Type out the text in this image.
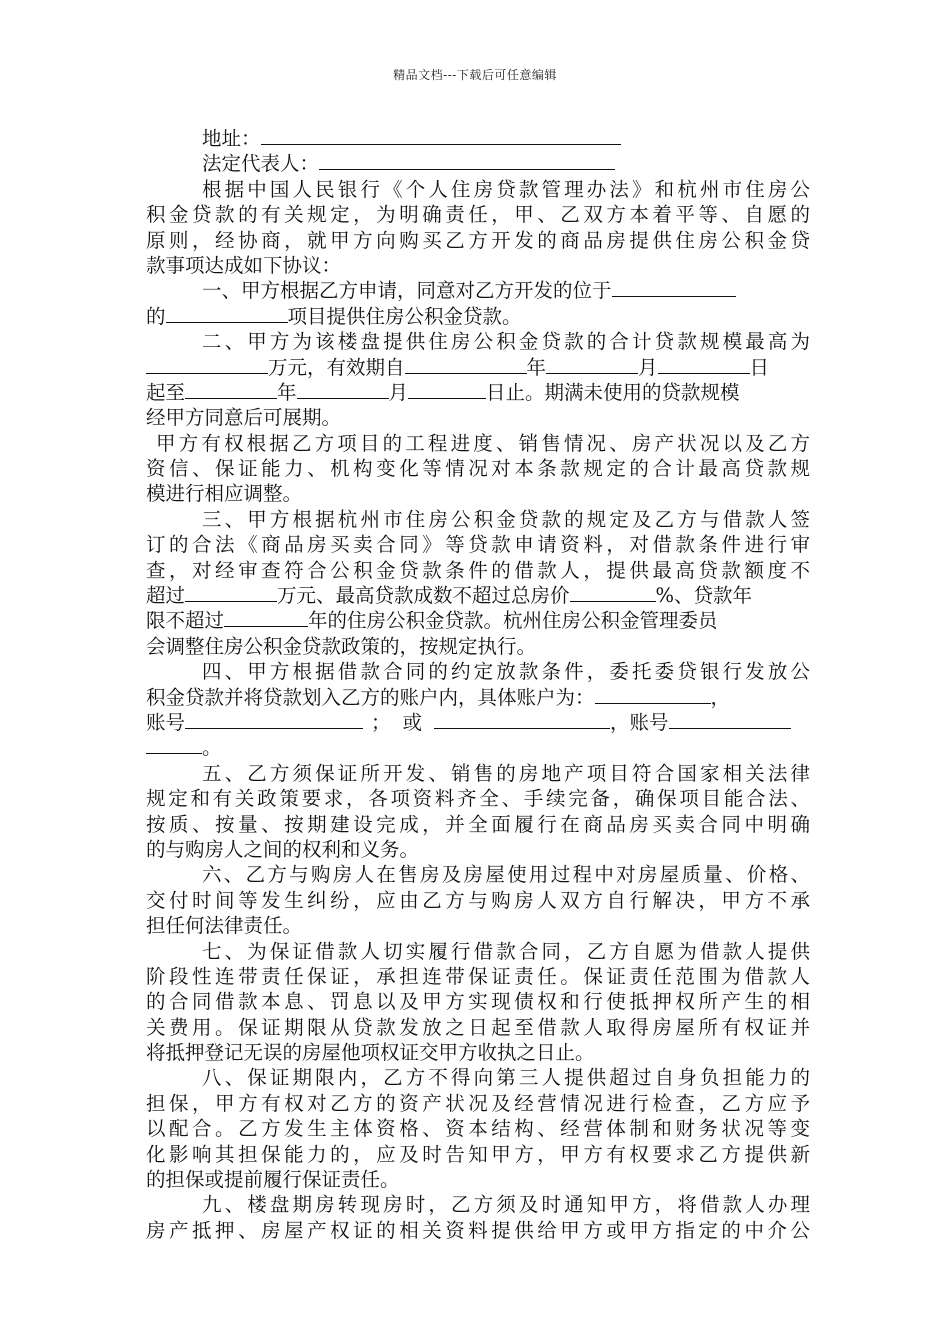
精品文档---下载后可任意编辑
地址：
法定代表人：
根据中国人民银行《个人住房贷款管理办法》和杭州市住房公
积金贷款的有关规定，为明确责任，甲、乙双方本着平等、自愿的
原则，经协商，就甲方向购买乙方开发的商品房提供住房公积金贷
款事项达成如下协议：
一、甲方根据乙方申请，同意对乙方开发的位于
的	项目提供住房公积金贷款。
二、甲方为该楼盘提供住房公积金贷款的合计贷款规模最高为
万元，有效期自	年	月	日
起至	年	月	日止。期满未使用的贷款规模
经甲方同意后可展期。
甲方有权根据乙方项目的工程进度、销售情况、房产状况以及乙方
资信、保证能力、机构变化等情况对本条款规定的合计最高贷款规
模进行相应调整。
三、甲方根据杭州市住房公积金贷款的规定及乙方与借款人签
订的合法《商品房买卖合同》等贷款申请资料，对借款条件进行审
查，对经审查符合公积金贷款条件的借款人，提供最高贷款额度不
超过	万元、最高贷款成数不超过总房价	%、贷款年
限不超过	年的住房公积金贷款。杭州住房公积金管理委员
会调整住房公积金贷款政策的，按规定执行。
四、甲方根据借款合同的约定放款条件，委托委贷银行发放公
积金贷款并将贷款划入乙方的账户内，具体账户为：	，
账号	；或	，账号
。
五、乙方须保证所开发、销售的房地产项目符合国家相关法律
规定和有关政策要求，各项资料齐全、手续完备，确保项目能合法、
按质、按量、按期建设完成，并全面履行在商品房买卖合同中明确
的与购房人之间的权利和义务。
六、乙方与购房人在售房及房屋使用过程中对房屋质量、价格、
交付时间等发生纠纷，应由乙方与购房人双方自行解决，甲方不承
担任何法律责任。
七、为保证借款人切实履行借款合同，乙方自愿为借款人提供
阶段性连带责任保证，承担连带保证责任。保证责任范围为借款人
的合同借款本息、罚息以及甲方实现债权和行使抵押权所产生的相
关费用。保证期限从贷款发放之日起至借款人取得房屋所有权证并
将抵押登记无误的房屋他项权证交甲方收执之日止。
八、保证期限内，乙方不得向第三人提供超过自身负担能力的
担保，甲方有权对乙方的资产状况及经营情况进行检查，乙方应予
以配合。乙方发生主体资格、资本结构、经营体制和财务状况等变
化影响其担保能力的，应及时告知甲方，甲方有权要求乙方提供新
的担保或提前履行保证责任。
九、楼盘期房转现房时，乙方须及时通知甲方，将借款人办理
房产抵押、房屋产权证的相关资料提供给甲方或甲方指定的中介公
